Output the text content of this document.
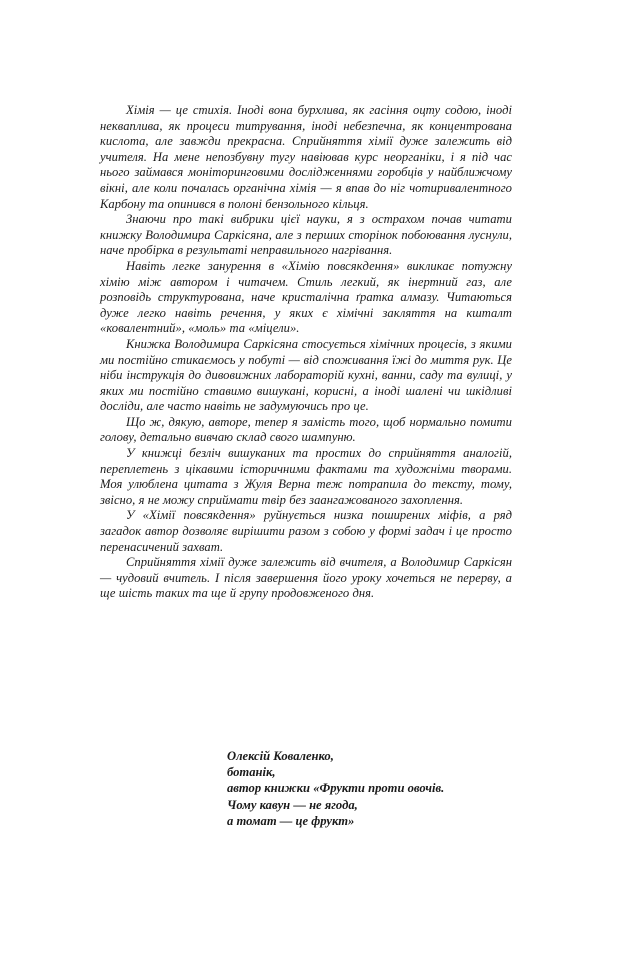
Хімія — це стихія. Іноді вона бурхлива, як гасіння оцту содою, іноді некваплива, як процеси титрування, іноді небезпечна, як концентрована кислота, але завжди прекрасна. Сприйняття хімії дуже залежить від учителя. На мене непозбувну тугу навіював курс неорганіки, і я під час нього займався моніторинговими дослідженнями горобців у найближчому вікні, але коли почалась органічна хімія — я впав до ніг чотиривалентного Карбону та опинився в полоні бензольного кільця.

Знаючи про такі вибрики цієї науки, я з острахом почав читати книжку Володимира Саркісяна, але з перших сторінок побоювання луснули, наче пробірка в результаті неправильного нагрівання.

Навіть легке занурення в «Хімію повсякдення» викликає потужну хімію між автором і читачем. Стиль легкий, як інертний газ, але розповідь структурована, наче кристалічна ґратка алмазу. Читаються дуже легко навіть речення, у яких є хімічні закляття на кшталт «ковалентний», «моль» та «міцели».

Книжка Володимира Саркісяна стосується хімічних процесів, з якими ми постійно стикаємось у побуті — від споживання їжі до миття рук. Це ніби інструкція до дивовижних лабораторій кухні, ванни, саду та вулиці, у яких ми постійно ставимо вишукані, корисні, а іноді шалені чи шкідливі досліди, але часто навіть не задумуючись про це.

Що ж, дякую, авторе, тепер я замість того, щоб нормально помити голову, детально вивчаю склад свого шампуню.

У книжці безліч вишуканих та простих до сприйняття аналогій, переплетень з цікавими історичними фактами та художніми творами. Моя улюблена цитата з Жуля Верна теж потрапила до тексту, тому, звісно, я не можу сприймати твір без заангажованого захоплення.

У «Хімії повсякдення» руйнується низка поширених міфів, а ряд загадок автор дозволяє вирішити разом з собою у формі задач і це просто перенасичений захват.

Сприйняття хімії дуже залежить від вчителя, а Володимир Саркісян — чудовий вчитель. І після завершення його уроку хочеться не перерву, а ще шість таких та ще й групу продовженого дня.

Олексій Коваленко,

ботанік,

автор книжки «Фрукти проти овочів.

Чому кавун — не ягода,

а томат — це фрукт»
